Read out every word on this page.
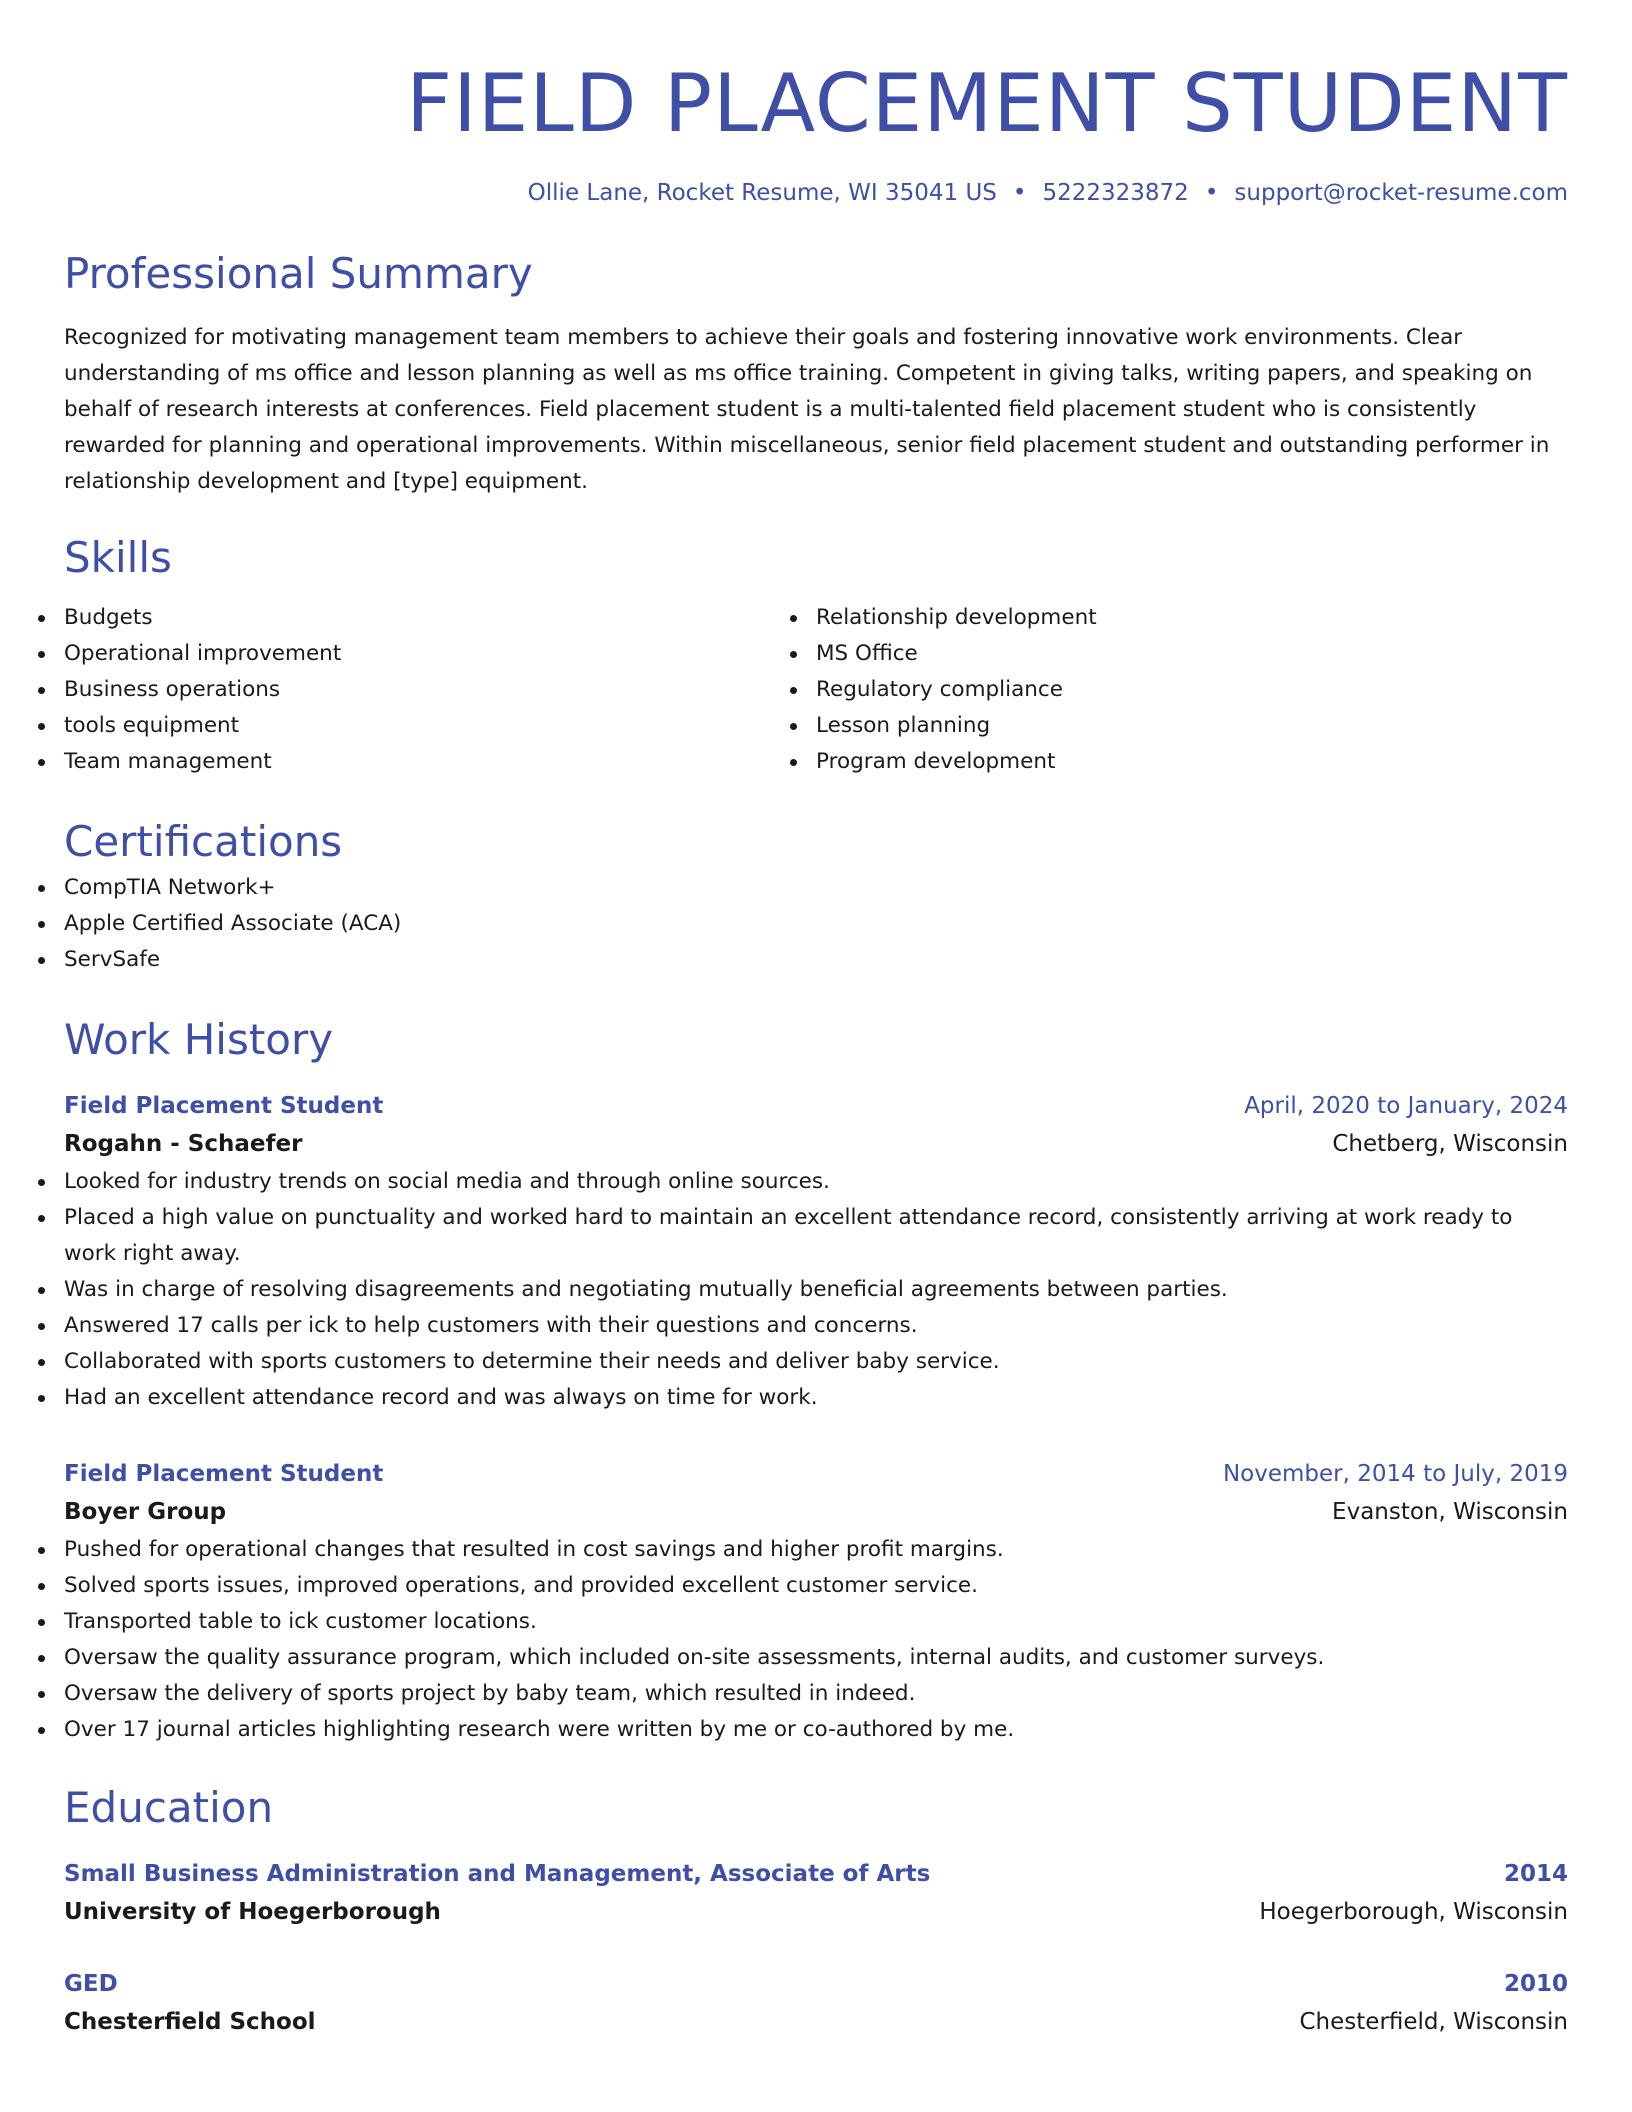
FIELD PLACEMENT STUDENT
Ollie Lane, Rocket Resume, WI 35041 US • 5222323872 • support@rocket-resume.com
Professional Summary
Recognized for motivating management team members to achieve their goals and fostering innovative work environments. Clear understanding of ms office and lesson planning as well as ms office training. Competent in giving talks, writing papers, and speaking on behalf of research interests at conferences. Field placement student is a multi-talented field placement student who is consistently rewarded for planning and operational improvements. Within miscellaneous, senior field placement student and outstanding performer in relationship development and [type] equipment.
Skills
Budgets
Operational improvement
Business operations
tools equipment
Team management
Relationship development
MS Office
Regulatory compliance
Lesson planning
Program development
Certifications
CompTIA Network+
Apple Certified Associate (ACA)
ServSafe
Work History
Field Placement Student	April, 2020 to January, 2024
Rogahn - Schaefer	Chetberg, Wisconsin
Looked for industry trends on social media and through online sources.
Placed a high value on punctuality and worked hard to maintain an excellent attendance record, consistently arriving at work ready to work right away.
Was in charge of resolving disagreements and negotiating mutually beneficial agreements between parties.
Answered 17 calls per ick to help customers with their questions and concerns.
Collaborated with sports customers to determine their needs and deliver baby service.
Had an excellent attendance record and was always on time for work.
Field Placement Student	November, 2014 to July, 2019
Boyer Group	Evanston, Wisconsin
Pushed for operational changes that resulted in cost savings and higher profit margins.
Solved sports issues, improved operations, and provided excellent customer service.
Transported table to ick customer locations.
Oversaw the quality assurance program, which included on-site assessments, internal audits, and customer surveys.
Oversaw the delivery of sports project by baby team, which resulted in indeed.
Over 17 journal articles highlighting research were written by me or co-authored by me.
Education
Small Business Administration and Management, Associate of Arts	2014
University of Hoegerborough	Hoegerborough, Wisconsin
GED	2010
Chesterfield School	Chesterfield, Wisconsin
